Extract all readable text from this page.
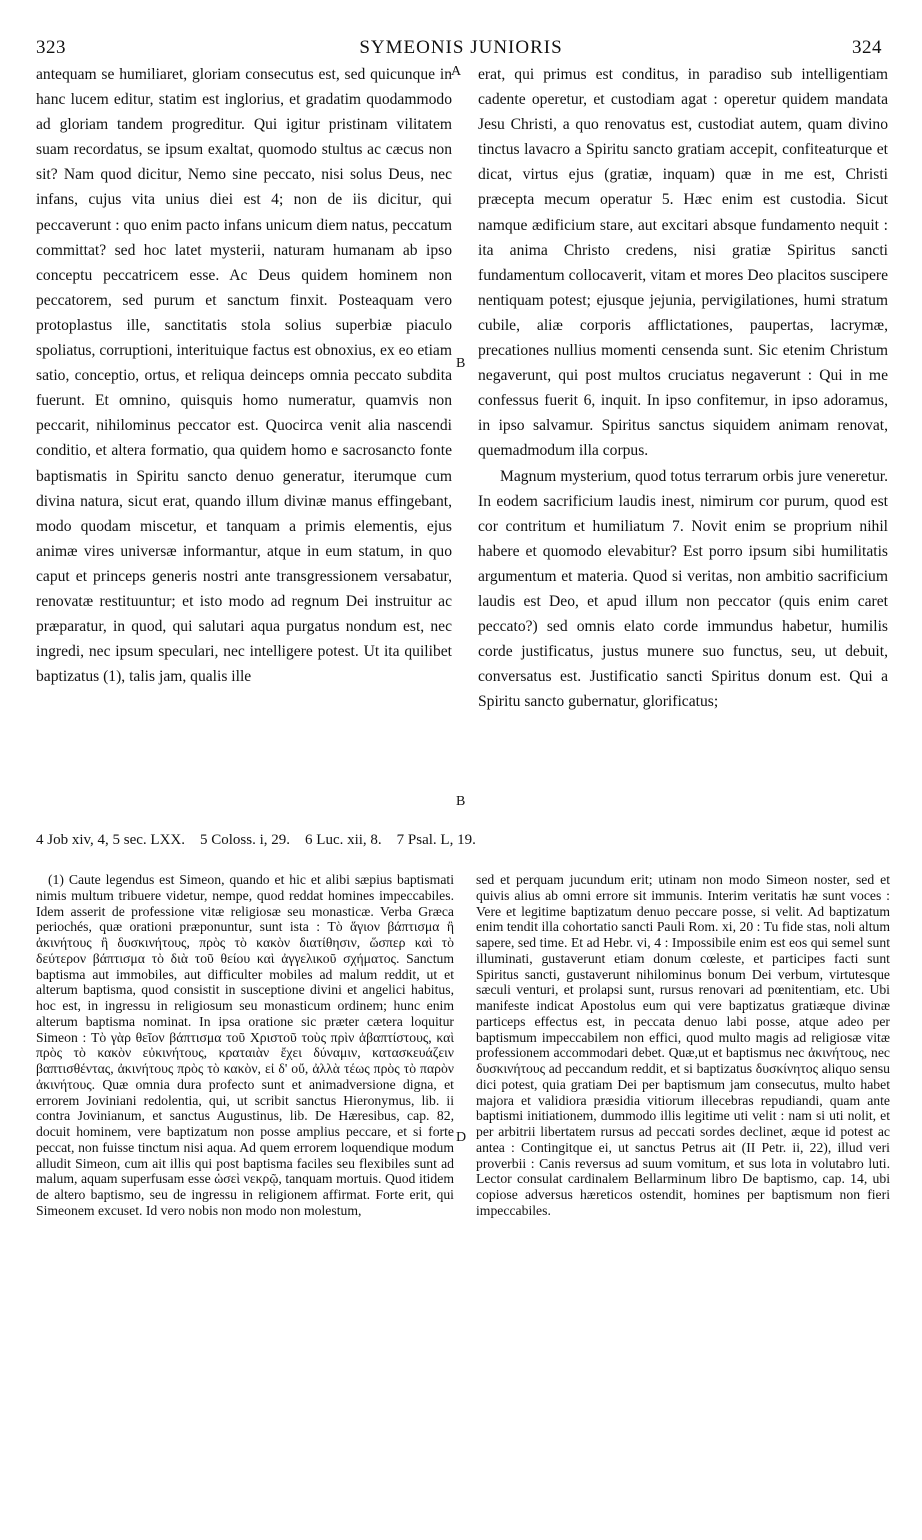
323	SYMEONIS JUNIORIS	324

antequam se humiliaret, gloriam consecutus est, sed quicunque in hanc lucem editur, statim est inglorius, et gradatim quodammodo ad gloriam tandem progreditur. Qui igitur pristinam vilitatem suam recordatus, se ipsum exaltat, quomodo stultus ac cæcus non sit? Nam quod dicitur, Nemo sine peccato, nisi solus Deus, nec infans, cujus vita unius diei est 4; non de iis dicitur, qui peccaverunt : quo enim pacto infans unicum diem natus, peccatum committat? sed hoc latet mysterii, naturam humanam ab ipso conceptu peccatricem esse. Ac Deus quidem hominem non peccatorem, sed purum et sanctum finxit. Posteaquam vero protoplastus ille, sanctitatis stola solius superbiæ piaculo spoliatus, corruptioni, interituique factus est obnoxius, ex eo etiam satio, conceptio, ortus, et reliqua deinceps omnia peccato subdita fuerunt. Et omnino, quisquis homo numeratur, quamvis non peccarit, nihilominus peccator est. Quocirca venit alia nascendi conditio, et altera formatio, qua quidem homo e sacrosancto fonte baptismatis in Spiritu sancto denuo generatur, iterumque cum divina natura, sicut erat, quando illum divinæ manus effingebant, modo quodam miscetur, et tanquam a primis elementis, ejus animæ vires universæ informantur, atque in eum statum, in quo caput et princeps generis nostri ante transgressionem versabatur, renovatæ restituuntur; et isto modo ad regnum Dei instruitur ac præparatur, in quod, qui salutari aqua purgatus nondum est, nec ingredi, nec ipsum speculari, nec intelligere potest. Ut ita quilibet baptizatus (1), talis jam, qualis ille

A
B
B

erat, qui primus est conditus, in paradiso sub intelligentiam cadente operetur, et custodiam agat : operetur quidem mandata Jesu Christi, a quo renovatus est, custodiat autem, quam divino tinctus lavacro a Spiritu sancto gratiam accepit, confiteaturque et dicat, virtus ejus (gratiæ, inquam) quæ in me est, Christi præcepta mecum operatur 5. Hæc enim est custodia. Sicut namque ædificium stare, aut excitari absque fundamento nequit : ita anima Christo credens, nisi gratiæ Spiritus sancti fundamentum collocaverit, vitam et mores Deo placitos suscipere nentiquam potest; ejusque jejunia, pervigilationes, humi stratum cubile, aliæ corporis afflictationes, paupertas, lacrymæ, precationes nullius momenti censenda sunt. Sic etenim Christum negaverunt, qui post multos cruciatus negaverunt : Qui in me confessus fuerit 6, inquit. In ipso confitemur, in ipso adoramus, in ipso salvamur. Spiritus sanctus siquidem animam renovat, quemadmodum illa corpus.

Magnum mysterium, quod totus terrarum orbis jure veneretur. In eodem sacrificium laudis inest, nimirum cor purum, quod est cor contritum et humiliatum 7. Novit enim se proprium nihil habere et quomodo elevabitur? Est porro ipsum sibi humilitatis argumentum et materia. Quod si veritas, non ambitio sacrificium laudis est Deo, et apud illum non peccator (quis enim caret peccato?) sed omnis elato corde immundus habetur, humilis corde justificatus, justus munere suo functus, seu, ut debuit, conversatus est. Justificatio sancti Spiritus donum est. Qui a Spiritu sancto gubernatur, glorificatus;

4 Job xiv, 4, 5 sec. LXX.    5 Coloss. i, 29.    6 Luc. xii, 8.    7 Psal. L, 19.

(1) Caute legendus est Simeon, quando et hic et alibi sæpius baptismati nimis multum tribuere videtur, nempe, quod reddat homines impeccabiles. Idem asserit de professione vitæ religiosæ seu monasticæ. Verba Græca periochés, quæ orationi præponuntur, sunt ista : Τὸ ἅγιον βάπτισμα ἢ ἀκινήτους ἢ δυσκινήτους, πρὸς τὸ κακὸν διατίθησιν, ὥσπερ καὶ τὸ δεύτερον βάπτισμα τὸ διὰ τοῦ θείου καὶ ἀγγελικοῦ σχήματος. Sanctum baptisma aut immobiles, aut difficulter mobiles ad malum reddit, ut et alterum baptisma, quod consistit in susceptione divini et angelici habitus, hoc est, in ingressu in religiosum seu monasticum ordinem; hunc enim alterum baptisma nominat. In ipsa oratione sic præter cætera loquitur Simeon : Τὸ γὰρ θεῖον βάπτισμα τοῦ Χριστοῦ τοὺς πρὶν ἀβαπτίστους, καὶ πρὸς τὸ κακὸν εὐκινήτους, κραταιὰν ἔχει δύναμιν, κατασκευάζειν βαπτισθέντας, ἀκινήτους πρὸς τὸ κακὸν, εἰ δ' οὔ, ἀλλὰ τέως πρὸς τὸ παρὸν ἀκινήτους. Quæ omnia dura profecto sunt et animadversione digna, et errorem Joviniani redolentia, qui, ut scribit sanctus Hieronymus, lib. ii contra Jovinianum, et sanctus Augustinus, lib. De Hæresibus, cap. 82, docuit hominem, vere baptizatum non posse amplius peccare, et si forte peccat, non fuisse tinctum nisi aqua. Ad quem errorem loquendique modum alludit Simeon, cum ait illis qui post baptisma faciles seu flexibiles sunt ad malum, aquam superfusam esse ὡσεὶ νεκρῷ, tanquam mortuis. Quod itidem de altero baptismo, seu de ingressu in religionem affirmat. Forte erit, qui Simeonem excuset. Id vero nobis non modo non molestum,

D

sed et perquam jucundum erit; utinam non modo Simeon noster, sed et quivis alius ab omni errore sit immunis. Interim veritatis hæ sunt voces : Vere et legitime baptizatum denuo peccare posse, si velit. Ad baptizatum enim tendit illa cohortatio sancti Pauli Rom. xi, 20 : Tu fide stas, noli altum sapere, sed time. Et ad Hebr. vi, 4 : Impossibile enim est eos qui semel sunt illuminati, gustaverunt etiam donum cœleste, et participes facti sunt Spiritus sancti, gustaverunt nihilominus bonum Dei verbum, virtutesque sæculi venturi, et prolapsi sunt, rursus renovari ad pœnitentiam, etc. Ubi manifeste indicat Apostolus eum qui vere baptizatus gratiæque divinæ particeps effectus est, in peccata denuo labi posse, atque adeo per baptismum impeccabilem non effici, quod multo magis ad religiosæ vitæ professionem accommodari debet. Quæ,ut et baptismus nec ἀκινήτους, nec δυσκινήτους ad peccandum reddit, et si baptizatus δυσκίνητος aliquo sensu dici potest, quia gratiam Dei per baptismum jam consecutus, multo habet majora et validiora præsidia vitiorum illecebras repudiandi, quam ante baptismi initiationem, dummodo illis legitime uti velit : nam si uti nolit, et per arbitrii libertatem rursus ad peccati sordes declinet, æque id potest ac antea : Contingitque ei, ut sanctus Petrus ait (II Petr. ii, 22), illud veri proverbii : Canis reversus ad suum vomitum, et sus lota in volutabro luti. Lector consulat cardinalem Bellarminum libro De baptismo, cap. 14, ubi copiose adversus hæreticos ostendit, homines per baptismum non fieri impeccabiles.
